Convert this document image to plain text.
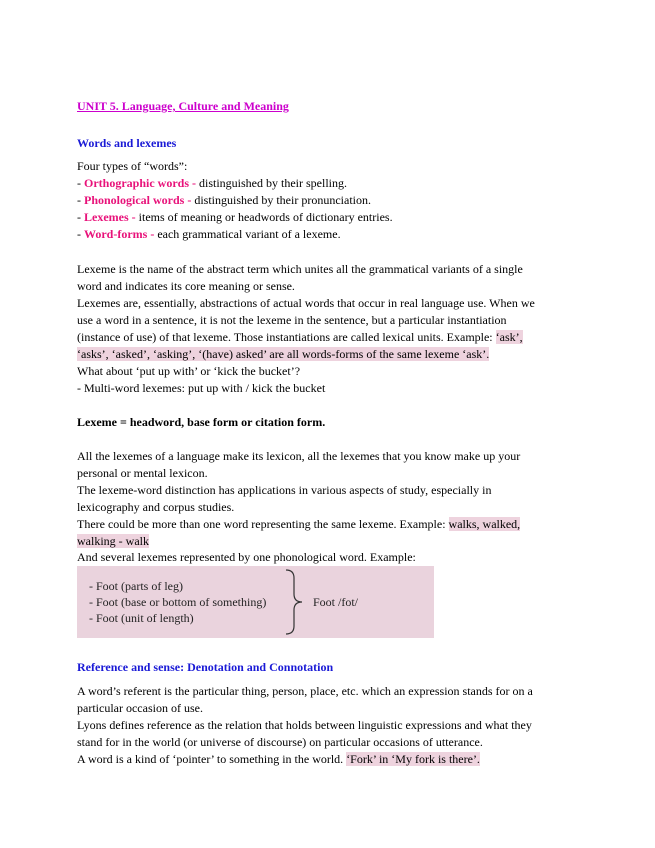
UNIT 5. Language, Culture and Meaning
Words and lexemes
Four types of “words”:
- Orthographic words - distinguished by their spelling.
- Phonological words - distinguished by their pronunciation.
- Lexemes - items of meaning or headwords of dictionary entries.
- Word-forms - each grammatical variant of a lexeme.
Lexeme is the name of the abstract term which unites all the grammatical variants of a single
word and indicates its core meaning or sense.
Lexemes are, essentially, abstractions of actual words that occur in real language use. When we
use a word in a sentence, it is not the lexeme in the sentence, but a particular instantiation
(instance of use) of that lexeme. Those instantiations are called lexical units. Example: ‘ask’,
‘asks’, ‘asked’, ‘asking’, ‘(have) asked’ are all words-forms of the same lexeme ‘ask’.
What about ‘put up with’ or ‘kick the bucket’?
- Multi-word lexemes: put up with / kick the bucket
Lexeme = headword, base form or citation form.
All the lexemes of a language make its lexicon, all the lexemes that you know make up your
personal or mental lexicon.
The lexeme-word distinction has applications in various aspects of study, especially in
lexicography and corpus studies.
There could be more than one word representing the same lexeme. Example: walks, walked,
walking - walk
And several lexemes represented by one phonological word. Example:
- Foot (parts of leg)
- Foot (base or bottom of something)
- Foot (unit of length)
Foot /fot/
Reference and sense: Denotation and Connotation
A word’s referent is the particular thing, person, place, etc. which an expression stands for on a
particular occasion of use.
Lyons defines reference as the relation that holds between linguistic expressions and what they
stand for in the world (or universe of discourse) on particular occasions of utterance.
A word is a kind of ‘pointer’ to something in the world. ‘Fork’ in ‘My fork is there’.
